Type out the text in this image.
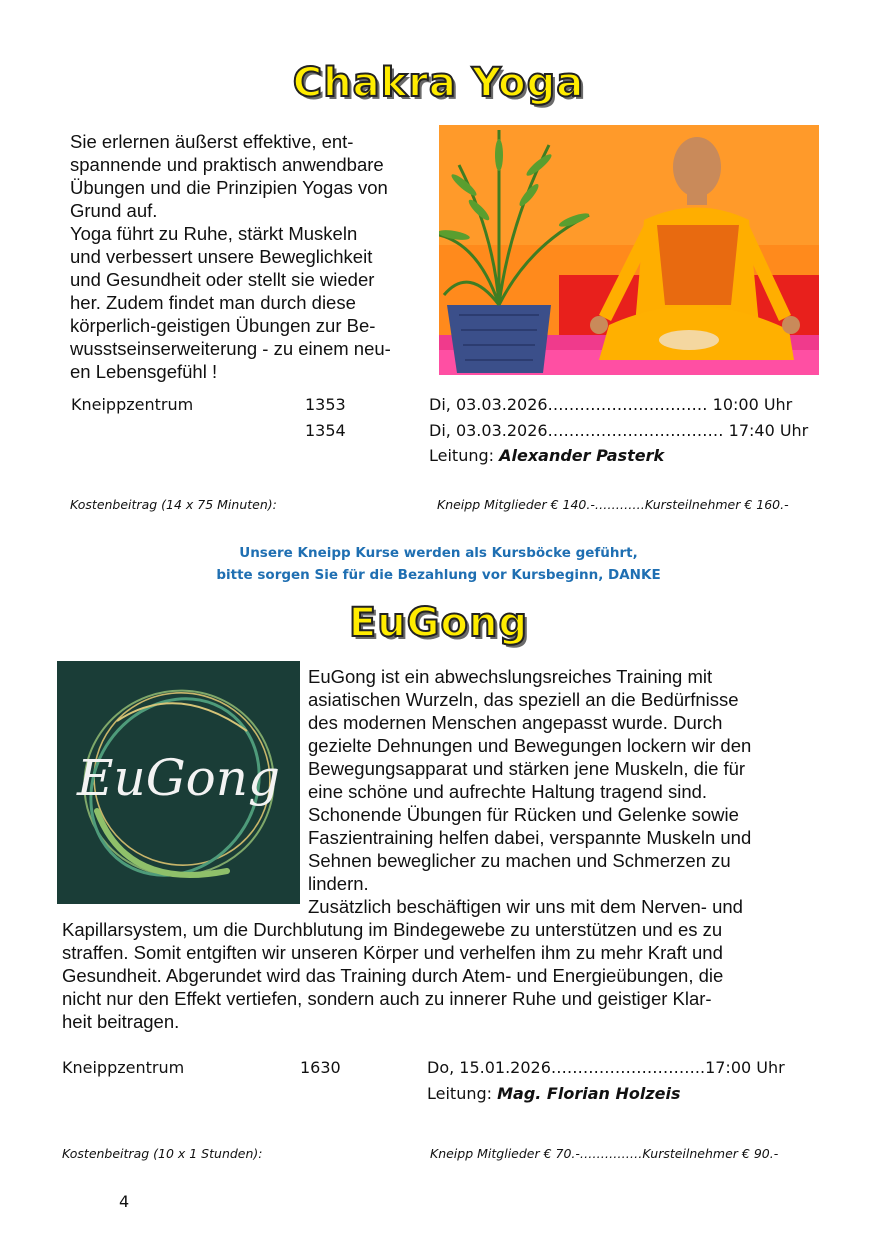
Chakra Yoga
Sie erlernen äußerst effektive, ent-
spannende und praktisch anwendbare
Übungen und die Prinzipien Yogas von
Grund auf.
Yoga führt zu Ruhe, stärkt Muskeln
und verbessert unsere Beweglichkeit
und Gesundheit oder stellt sie wieder
her. Zudem findet man durch diese
körperlich-geistigen Übungen zur Be-
wusstseinserweiterung - zu einem neu-
en Lebensgefühl !
Kneippzentrum	1353	Di, 03.03.2026………………………… 10:00 Uhr
1354	Di, 03.03.2026…………………………… 17:40 Uhr
Leitung: Alexander Pasterk
Kostenbeitrag (14 x 75 Minuten):	Kneipp Mitglieder € 140.-…………Kursteilnehmer € 160.-
Unsere Kneipp Kurse werden als Kursböcke geführt,
bitte sorgen Sie für die Bezahlung vor Kursbeginn, DANKE
EuGong
EuGong
EuGong ist ein abwechslungsreiches Training mit
asiatischen Wurzeln, das speziell an die Bedürfnisse
des modernen Menschen angepasst wurde. Durch
gezielte Dehnungen und Bewegungen lockern wir den
Bewegungsapparat und stärken jene Muskeln, die für
eine schöne und aufrechte Haltung tragend sind.
Schonende Übungen für Rücken und Gelenke sowie
Faszientraining helfen dabei, verspannte Muskeln und
Sehnen beweglicher zu machen und Schmerzen zu
lindern.
Zusätzlich beschäftigen wir uns mit dem Nerven- und
Kapillarsystem, um die Durchblutung im Bindegewebe zu unterstützen und es zu
straffen. Somit entgiften wir unseren Körper und verhelfen ihm zu mehr Kraft und
Gesundheit. Abgerundet wird das Training durch Atem- und Energieübungen, die
nicht nur den Effekt vertiefen, sondern auch zu innerer Ruhe und geistiger Klar-
heit beitragen.
Kneippzentrum	1630	Do, 15.01.2026………………………..17:00 Uhr
Leitung: Mag. Florian Holzeis
Kostenbeitrag (10 x 1 Stunden):	Kneipp Mitglieder € 70.-……………Kursteilnehmer € 90.-
4
